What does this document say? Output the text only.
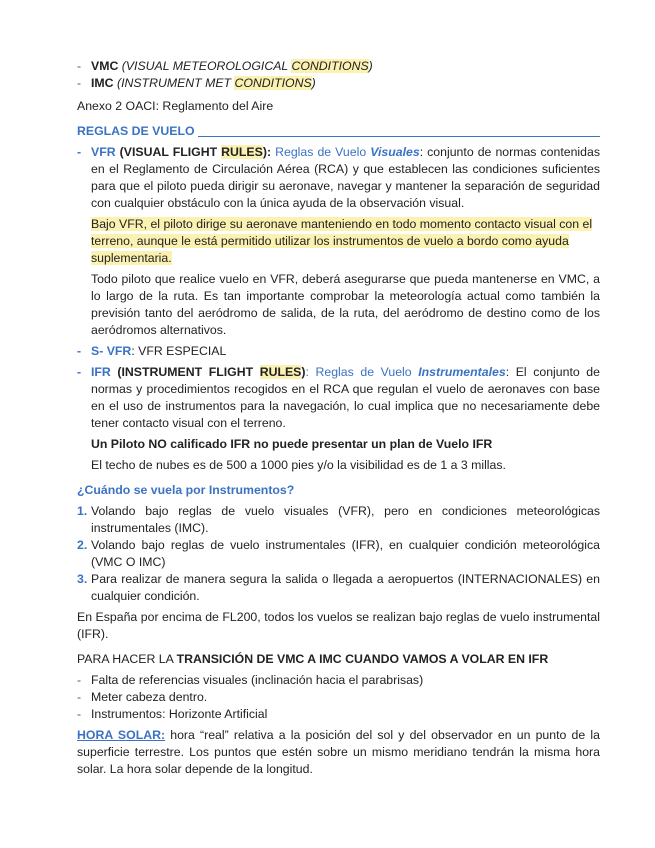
- VMC (VISUAL METEOROLOGICAL CONDITIONS)

- IMC (INSTRUMENT MET CONDITIONS)

Anexo 2 OACI: Reglamento del Aire

REGLAS DE VUELO

- VFR (VISUAL FLIGHT RULES): Reglas de Vuelo Visuales: conjunto de normas contenidas en el Reglamento de Circulación Aérea (RCA) y que establecen las condiciones suficientes para que el piloto pueda dirigir su aeronave, navegar y mantener la separación de seguridad con cualquier obstáculo con la única ayuda de la observación visual.

Bajo VFR, el piloto dirige su aeronave manteniendo en todo momento contacto visual con el terreno, aunque le está permitido utilizar los instrumentos de vuelo a bordo como ayuda suplementaria.

Todo piloto que realice vuelo en VFR, deberá asegurarse que pueda mantenerse en VMC, a lo largo de la ruta. Es tan importante comprobar la meteorología actual como también la previsión tanto del aeródromo de salida, de la ruta, del aeródromo de destino como de los aeródromos alternativos.

- S- VFR: VFR ESPECIAL

- IFR (INSTRUMENT FLIGHT RULES): Reglas de Vuelo Instrumentales: El conjunto de normas y procedimientos recogidos en el RCA que regulan el vuelo de aeronaves con base en el uso de instrumentos para la navegación, lo cual implica que no necesariamente debe tener contacto visual con el terreno.

Un Piloto NO calificado IFR no puede presentar un plan de Vuelo IFR

El techo de nubes es de 500 a 1000 pies y/o la visibilidad es de 1 a 3 millas.

¿Cuándo se vuela por Instrumentos?

1. Volando bajo reglas de vuelo visuales (VFR), pero en condiciones meteorológicas instrumentales (IMC).

2. Volando bajo reglas de vuelo instrumentales (IFR), en cualquier condición meteorológica (VMC O IMC)

3. Para realizar de manera segura la salida o llegada a aeropuertos (INTERNACIONALES) en cualquier condición.

En España por encima de FL200, todos los vuelos se realizan bajo reglas de vuelo instrumental (IFR).

PARA HACER LA TRANSICIÓN DE VMC A IMC CUANDO VAMOS A VOLAR EN IFR

- Falta de referencias visuales (inclinación hacia el parabrisas)

- Meter cabeza dentro.

- Instrumentos: Horizonte Artificial

HORA SOLAR: hora “real” relativa a la posición del sol y del observador en un punto de la superficie terrestre. Los puntos que estén sobre un mismo meridiano tendrán la misma hora solar. La hora solar depende de la longitud.
